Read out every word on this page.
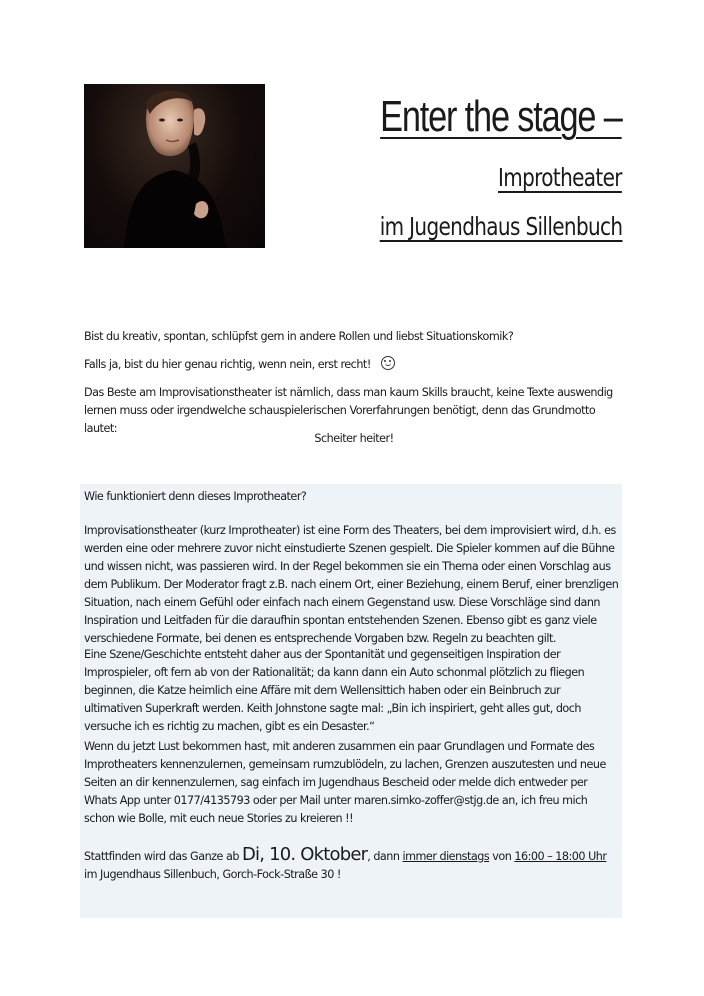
Enter the stage –
Improtheater
im Jugendhaus Sillenbuch
Bist du kreativ, spontan, schlüpfst gern in andere Rollen und liebst Situationskomik?
Falls ja, bist du hier genau richtig, wenn nein, erst recht!
Das Beste am Improvisationstheater ist nämlich, dass man kaum Skills braucht, keine Texte auswendig lernen muss oder irgendwelche schauspielerischen Vorerfahrungen benötigt, denn das Grundmotto lautet:
Scheiter heiter!
Wie funktioniert denn dieses Improtheater?
Improvisationstheater (kurz Improtheater) ist eine Form des Theaters, bei dem improvisiert wird, d.h. es werden eine oder mehrere zuvor nicht einstudierte Szenen gespielt. Die Spieler kommen auf die Bühne und wissen nicht, was passieren wird. In der Regel bekommen sie ein Thema oder einen Vorschlag aus dem Publikum. Der Moderator fragt z.B. nach einem Ort, einer Beziehung, einem Beruf, einer brenzligen Situation, nach einem Gefühl oder einfach nach einem Gegenstand usw. Diese Vorschläge sind dann Inspiration und Leitfaden für die daraufhin spontan entstehenden Szenen. Ebenso gibt es ganz viele verschiedene Formate, bei denen es entsprechende Vorgaben bzw. Regeln zu beachten gilt.
Eine Szene/Geschichte entsteht daher aus der Spontanität und gegenseitigen Inspiration der Improspieler, oft fern ab von der Rationalität; da kann dann ein Auto schonmal plötzlich zu fliegen beginnen, die Katze heimlich eine Affäre mit dem Wellensittich haben oder ein Beinbruch zur ultimativen Superkraft werden. Keith Johnstone sagte mal: „Bin ich inspiriert, geht alles gut, doch versuche ich es richtig zu machen, gibt es ein Desaster.“
Wenn du jetzt Lust bekommen hast, mit anderen zusammen ein paar Grundlagen und Formate des Improtheaters kennenzulernen, gemeinsam rumzublödeln, zu lachen, Grenzen auszutesten und neue Seiten an dir kennenzulernen, sag einfach im Jugendhaus Bescheid oder melde dich entweder per Whats App unter 0177/4135793 oder per Mail unter maren.simko-zoffer@stjg.de an, ich freu mich schon wie Bolle, mit euch neue Stories zu kreieren !!
Stattfinden wird das Ganze ab Di, 10. Oktober, dann immer dienstags von 16:00 – 18:00 Uhr im Jugendhaus Sillenbuch, Gorch-Fock-Straße 30 !
